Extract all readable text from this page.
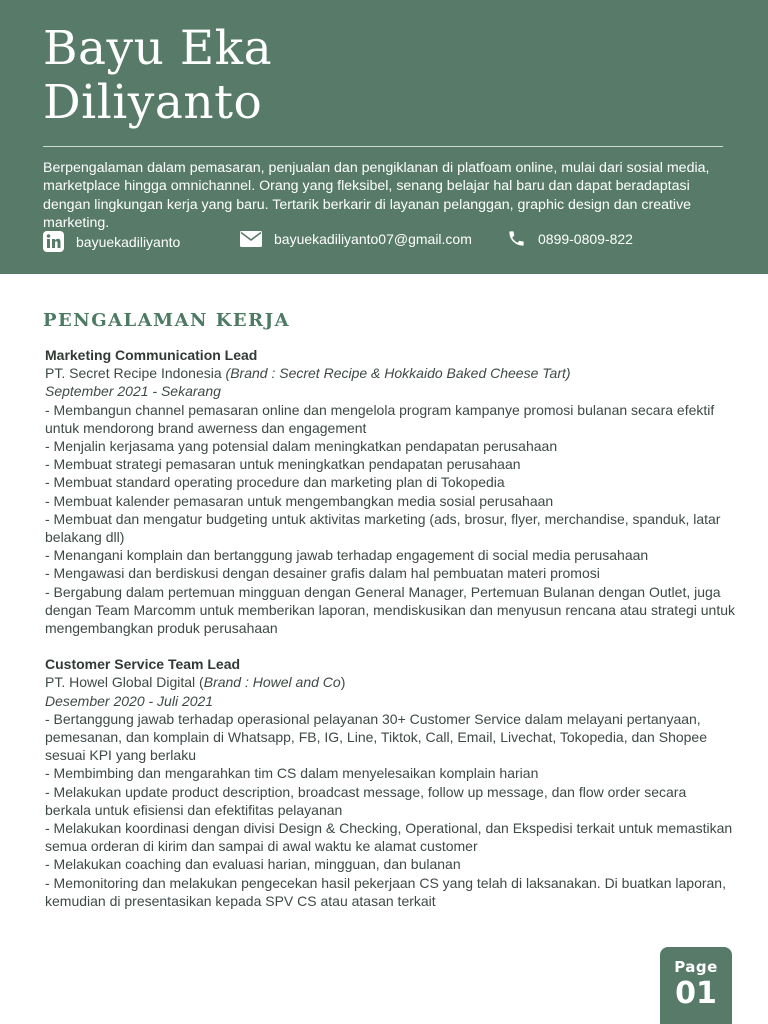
Bayu Eka
Diliyanto

Berpengalaman dalam pemasaran, penjualan dan pengiklanan di platfoam online, mulai dari sosial media, marketplace hingga omnichannel. Orang yang fleksibel, senang belajar hal baru dan dapat beradaptasi dengan lingkungan kerja yang baru. Tertarik berkarir di layanan pelanggan, graphic design dan creative marketing.

bayuekadiliyanto	bayuekadiliyanto07@gmail.com	0899-0809-822
PENGALAMAN KERJA
Marketing Communication Lead
PT. Secret Recipe Indonesia (Brand : Secret Recipe & Hokkaido Baked Cheese Tart)
September 2021 - Sekarang
- Membangun channel pemasaran online dan mengelola program kampanye promosi bulanan secara efektif untuk mendorong brand awerness dan engagement
- Menjalin kerjasama yang potensial dalam meningkatkan pendapatan perusahaan
- Membuat strategi pemasaran untuk meningkatkan pendapatan perusahaan
- Membuat standard operating procedure dan marketing plan di Tokopedia
- Membuat kalender pemasaran untuk mengembangkan media sosial perusahaan
- Membuat dan mengatur budgeting untuk aktivitas marketing (ads, brosur, flyer, merchandise, spanduk, latar belakang dll)
- Menangani komplain dan bertanggung jawab terhadap engagement di social media perusahaan
- Mengawasi dan berdiskusi dengan desainer grafis dalam hal pembuatan materi promosi
- Bergabung dalam pertemuan mingguan dengan General Manager, Pertemuan Bulanan dengan Outlet, juga dengan Team Marcomm untuk memberikan laporan, mendiskusikan dan menyusun rencana atau strategi untuk mengembangkan produk perusahaan
Customer Service Team Lead
PT. Howel Global Digital (Brand : Howel and Co)
Desember 2020 - Juli 2021
- Bertanggung jawab terhadap operasional pelayanan 30+ Customer Service dalam melayani pertanyaan, pemesanan, dan komplain di Whatsapp, FB, IG, Line, Tiktok, Call, Email, Livechat, Tokopedia, dan Shopee sesuai KPI yang berlaku
- Membimbing dan mengarahkan tim CS dalam menyelesaikan komplain harian
- Melakukan update product description, broadcast message, follow up message, dan flow order secara berkala untuk efisiensi dan efektifitas pelayanan
- Melakukan koordinasi dengan divisi Design & Checking, Operational, dan Ekspedisi terkait untuk memastikan semua orderan di kirim dan sampai di awal waktu ke alamat customer
- Melakukan coaching dan evaluasi harian, mingguan, dan bulanan
- Memonitoring dan melakukan pengecekan hasil pekerjaan CS yang telah di laksanakan. Di buatkan laporan, kemudian di presentasikan kepada SPV CS atau atasan terkait
Page
01
